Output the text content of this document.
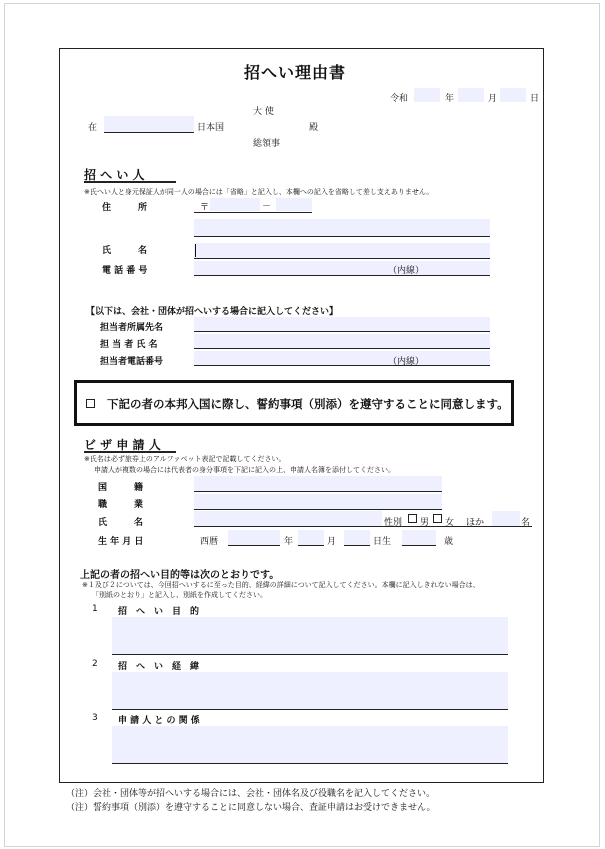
招へい理由書
令和	年	月	日
在	日本国
大 使
総領事
殿
招 へ い 人
※氏へい人と身元保証人が同一人の場合には「省略」と記入し、本欄への記入を省略して差し支えありません。
住　　　所	〒	－
氏　　　名
電 話 番 号	（内線）
【以下は、会社・団体が招へいする場合に記入してください】
担当者所属先名
担 当 者 氏 名
担当者電話番号	（内線）
下記の者の本邦入国に際し、誓約事項（別添）を遵守することに同意します。
ビ ザ 申 請 人
※氏名は必ず旅券上のアルファベット表記で記載してください。
申請人が複数の場合には代表者の身分事項を下記に記入の上、申請人名簿を添付してください。
国　　　籍
職　　　業
氏　　　名	性別 男 女 ほか	名
生 年 月 日	西暦	年	月	日生	歳
上記の者の招へい目的等は次のとおりです。
※１及び２については、今回招へいするに至った目的、経緯の詳細について記入してください。本欄に記入しきれない場合は、
「別紙のとおり」と記入し、別紙を作成してください。
1 招　へ　い　目　的
2 招　へ　い　経　緯
3 申 請 人 と の 関 係
（注）会社・団体等が招へいする場合には、会社・団体名及び役職名を記入してください。
（注）誓約事項（別添）を遵守することに同意しない場合、査証申請はお受けできません。
